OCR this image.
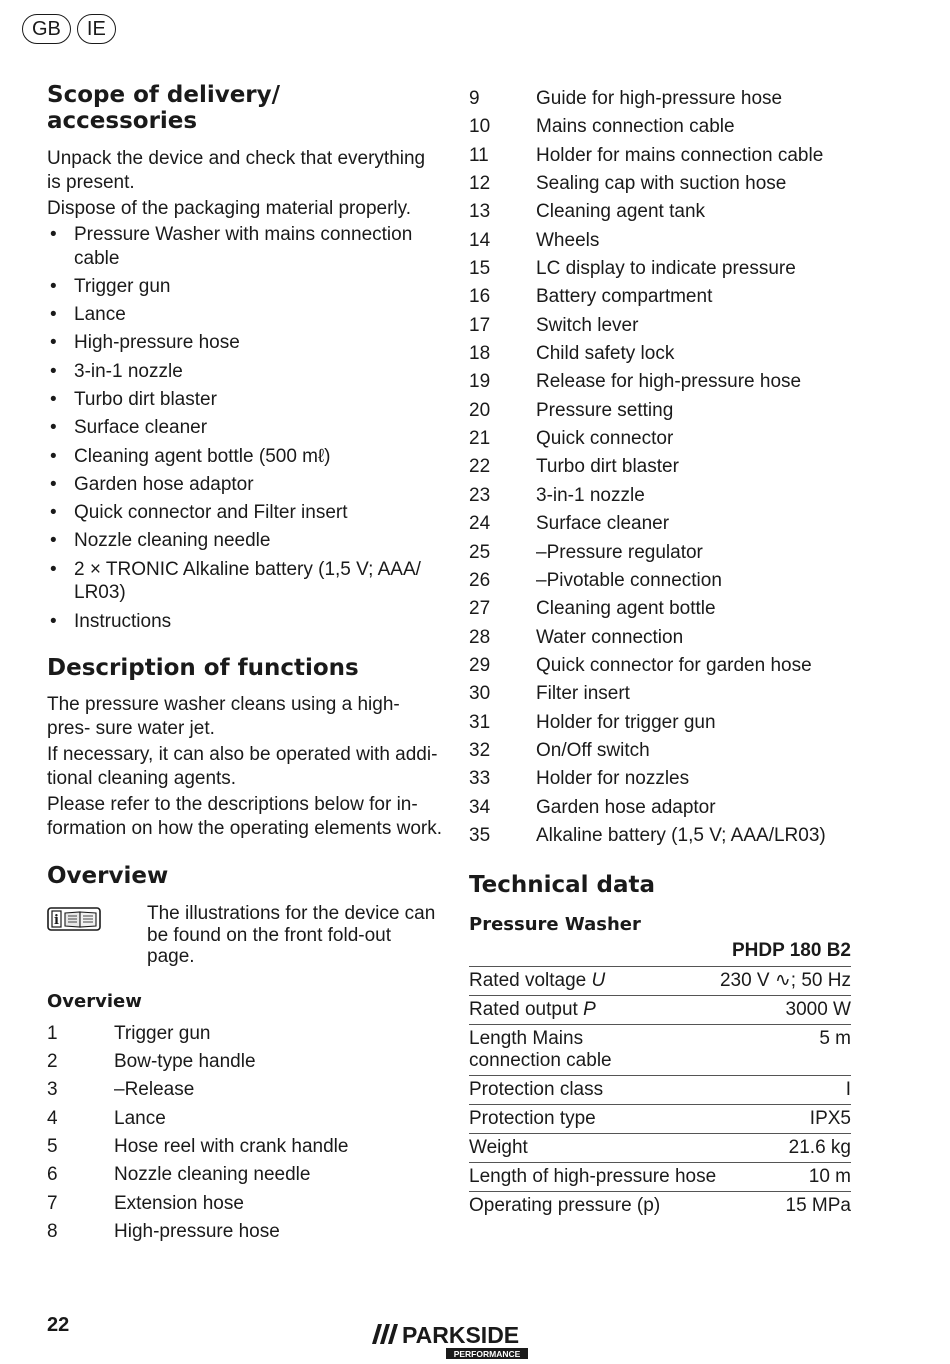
GB	IE
Scope of delivery/
accessories

Unpack the device and check that everything is present.

Dispose of the packaging material properly.

• Pressure Washer with mains connection cable
• Trigger gun
• Lance
• High-pressure hose
• 3-in-1 nozzle
• Turbo dirt blaster
• Surface cleaner
• Cleaning agent bottle (500 mℓ)
• Garden hose adaptor
• Quick connector and Filter insert
• Nozzle cleaning needle
• 2 × TRONIC Alkaline battery (1,5 V; AAA/ LR03)
• Instructions
Description of functions

The pressure washer cleans using a high-pres- sure water jet.

If necessary, it can also be operated with addi- tional cleaning agents.

Please refer to the descriptions below for in- formation on how the operating elements work.

Overview
i	The illustrations for the device can be found on the front fold-out page.
Overview
1	Trigger gun
2	Bow-type handle
3	–Release
4	Lance
5	Hose reel with crank handle
6	Nozzle cleaning needle
7	Extension hose
8	High-pressure hose
9	Guide for high-pressure hose
10	Mains connection cable
11	Holder for mains connection cable
12	Sealing cap with suction hose
13	Cleaning agent tank
14	Wheels
15	LC display to indicate pressure
16	Battery compartment
17	Switch lever
18	Child safety lock
19	Release for high-pressure hose
20	Pressure setting
21	Quick connector
22	Turbo dirt blaster
23	3-in-1 nozzle
24	Surface cleaner
25	–Pressure regulator
26	–Pivotable connection
27	Cleaning agent bottle
28	Water connection
29	Quick connector for garden hose
30	Filter insert
31	Holder for trigger gun
32	On/Off switch
33	Holder for nozzles
34	Garden hose adaptor
35	Alkaline battery (1,5 V; AAA/LR03)
Technical data
Pressure Washer
	PHDP 180 B2
Rated voltage U	230 V ∿; 50 Hz
Rated output P	3000 W
Length Mains connection cable	5 m
Protection class	I
Protection type	IPX5
Weight	21.6 kg
Length of high-pressure hose	10 m
Operating pressure (p)	15 MPa
22	PARKSIDE
PERFORMANCE
